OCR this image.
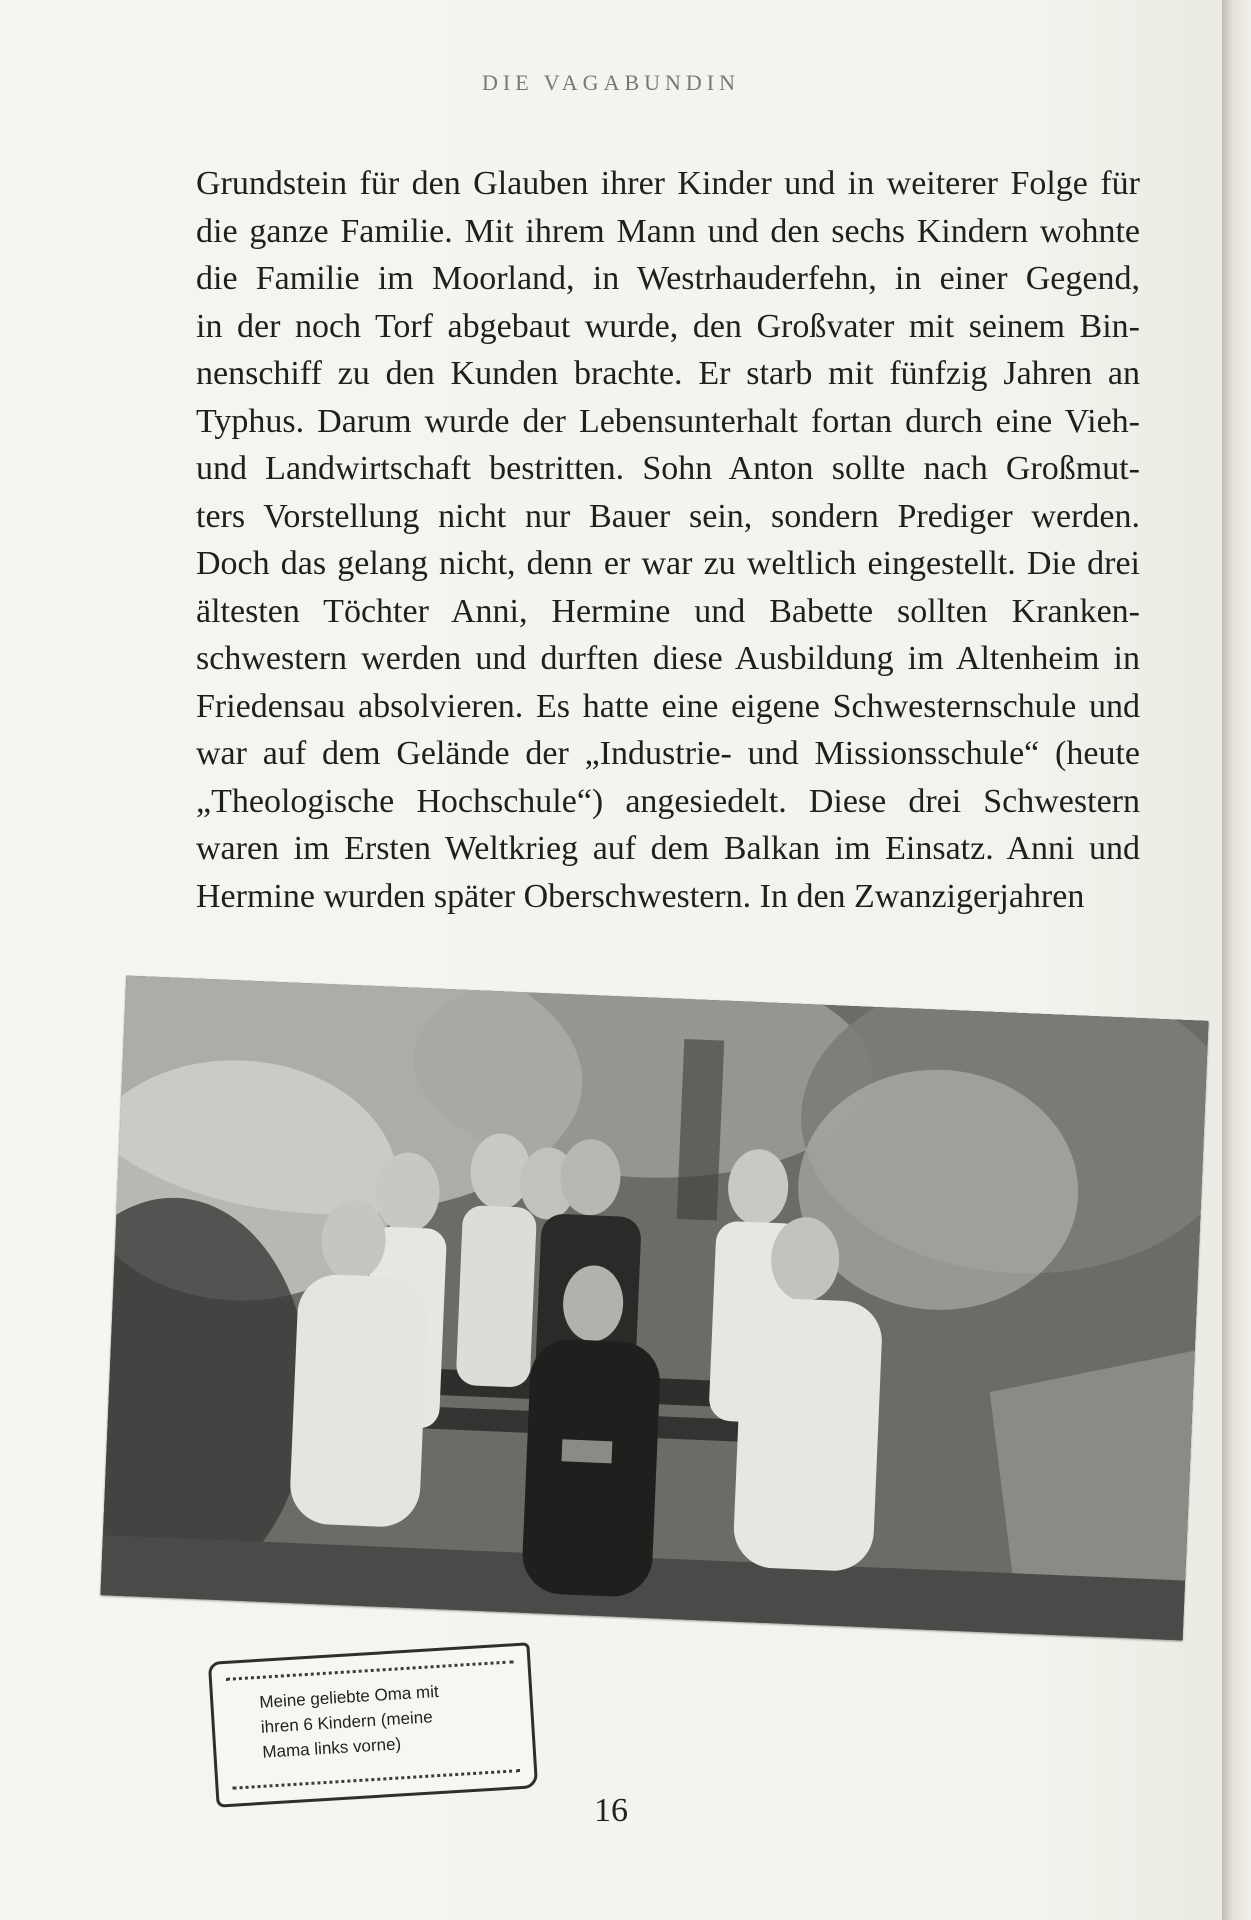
DIE VAGABUNDIN
Grundstein für den Glauben ihrer Kinder und in weiterer Folge für
die ganze Familie. Mit ihrem Mann und den sechs Kindern wohnte
die Familie im Moorland, in Westrhauderfehn, in einer Gegend,
in der noch Torf abgebaut wurde, den Großvater mit seinem Bin-
nenschiff zu den Kunden brachte. Er starb mit fünfzig Jahren an
Typhus. Darum wurde der Lebensunterhalt fortan durch eine Vieh-
und Landwirtschaft bestritten. Sohn Anton sollte nach Großmut-
ters Vorstellung nicht nur Bauer sein, sondern Prediger werden.
Doch das gelang nicht, denn er war zu weltlich eingestellt. Die drei
ältesten Töchter Anni, Hermine und Babette sollten Kranken-
schwestern werden und durften diese Ausbildung im Altenheim in
Friedensau absolvieren. Es hatte eine eigene Schwesternschule und
war auf dem Gelände der „Industrie- und Missionsschule“ (heute
„Theologische Hochschule“) angesiedelt. Diese drei Schwestern
waren im Ersten Weltkrieg auf dem Balkan im Einsatz. Anni und
Hermine wurden später Oberschwestern. In den Zwanzigerjahren
Meine geliebte Oma mit
ihren 6 Kindern (meine
Mama links vorne)
16
